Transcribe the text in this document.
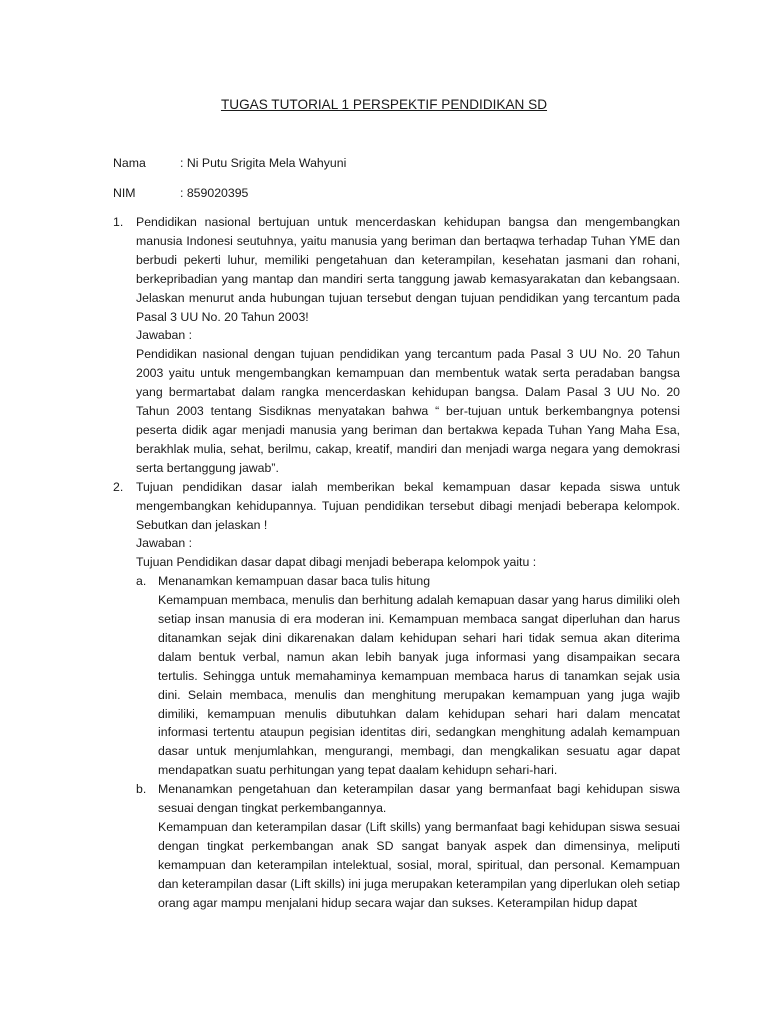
TUGAS TUTORIAL 1 PERSPEKTIF PENDIDIKAN SD
Nama	: Ni Putu Srigita Mela Wahyuni
NIM	: 859020395
1. Pendidikan nasional bertujuan untuk mencerdaskan kehidupan bangsa dan mengembangkan manusia Indonesi seutuhnya, yaitu manusia yang beriman dan bertaqwa terhadap Tuhan YME dan berbudi pekerti luhur, memiliki pengetahuan dan keterampilan, kesehatan jasmani dan rohani, berkepribadian yang mantap dan mandiri serta tanggung jawab kemasyarakatan dan kebangsaan. Jelaskan menurut anda hubungan tujuan tersebut dengan tujuan pendidikan yang tercantum pada Pasal 3 UU No. 20 Tahun 2003!

Jawaban :

Pendidikan nasional dengan tujuan pendidikan yang tercantum pada Pasal 3 UU No. 20 Tahun 2003 yaitu untuk mengembangkan kemampuan dan membentuk watak serta peradaban bangsa yang bermartabat dalam rangka mencerdaskan kehidupan bangsa. Dalam Pasal 3 UU No. 20 Tahun 2003 tentang Sisdiknas menyatakan bahwa “ ber-tujuan untuk berkembangnya potensi peserta didik agar menjadi manusia yang beriman dan bertakwa kepada Tuhan Yang Maha Esa, berakhlak mulia, sehat, berilmu, cakap, kreatif, mandiri dan menjadi warga negara yang demokrasi serta bertanggung jawab”.

2. Tujuan pendidikan dasar ialah memberikan bekal kemampuan dasar kepada siswa untuk mengembangkan kehidupannya. Tujuan pendidikan tersebut dibagi menjadi beberapa kelompok. Sebutkan dan jelaskan !

Jawaban :

Tujuan Pendidikan dasar dapat dibagi menjadi beberapa kelompok yaitu :

a. Menanamkan kemampuan dasar baca tulis hitung

Kemampuan membaca, menulis dan berhitung adalah kemapuan dasar yang harus dimiliki oleh setiap insan manusia di era moderan ini. Kemampuan membaca sangat diperluhan dan harus ditanamkan sejak dini dikarenakan dalam kehidupan sehari hari tidak semua akan diterima dalam bentuk verbal, namun akan lebih banyak juga informasi yang disampaikan secara tertulis. Sehingga untuk memahaminya kemampuan membaca harus di tanamkan sejak usia dini. Selain membaca, menulis dan menghitung merupakan kemampuan yang juga wajib dimiliki, kemampuan menulis dibutuhkan dalam kehidupan sehari hari dalam mencatat informasi tertentu ataupun pegisian identitas diri, sedangkan menghitung adalah kemampuan dasar untuk menjumlahkan, mengurangi, membagi, dan mengkalikan sesuatu agar dapat mendapatkan suatu perhitungan yang tepat daalam kehidupn sehari-hari.

b. Menanamkan pengetahuan dan keterampilan dasar yang bermanfaat bagi kehidupan siswa sesuai dengan tingkat perkembangannya.

Kemampuan dan keterampilan dasar (Lift skills) yang bermanfaat bagi kehidupan siswa sesuai dengan tingkat perkembangan anak SD sangat banyak aspek dan dimensinya, meliputi kemampuan dan keterampilan intelektual, sosial, moral, spiritual, dan personal. Kemampuan dan keterampilan dasar (Lift skills) ini juga merupakan keterampilan yang diperlukan oleh setiap orang agar mampu menjalani hidup secara wajar dan sukses. Keterampilan hidup dapat
